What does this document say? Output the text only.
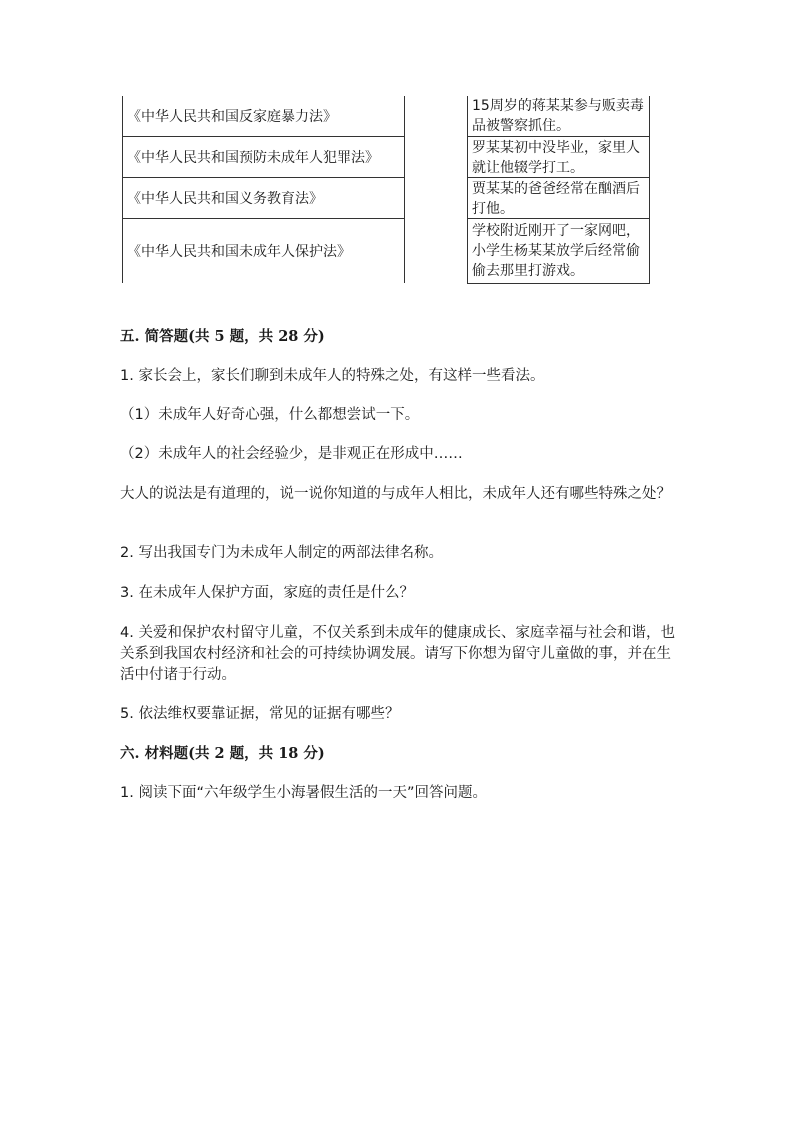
《中华人民共和国反家庭暴力法》
《中华人民共和国预防未成年人犯罪法》
《中华人民共和国义务教育法》
《中华人民共和国未成年人保护法》
15周岁的蒋某某参与贩卖毒品被警察抓住。
罗某某初中没毕业，家里人就让他辍学打工。
贾某某的爸爸经常在酗酒后打他。
学校附近刚开了一家网吧，小学生杨某某放学后经常偷偷去那里打游戏。
五. 简答题(共 5 题，共 28 分)
1. 家长会上，家长们聊到未成年人的特殊之处，有这样一些看法。
（1）未成年人好奇心强，什么都想尝试一下。
（2）未成年人的社会经验少，是非观正在形成中……
大人的说法是有道理的，说一说你知道的与成年人相比，未成年人还有哪些特殊之处？
2. 写出我国专门为未成年人制定的两部法律名称。
3. 在未成年人保护方面，家庭的责任是什么？
4. 关爱和保护农村留守儿童，不仅关系到未成年的健康成长、家庭幸福与社会和谐，也关系到我国农村经济和社会的可持续协调发展。请写下你想为留守儿童做的事，并在生活中付诸于行动。
5. 依法维权要靠证据，常见的证据有哪些？
六. 材料题(共 2 题，共 18 分)
1. 阅读下面“六年级学生小海暑假生活的一天”回答问题。
